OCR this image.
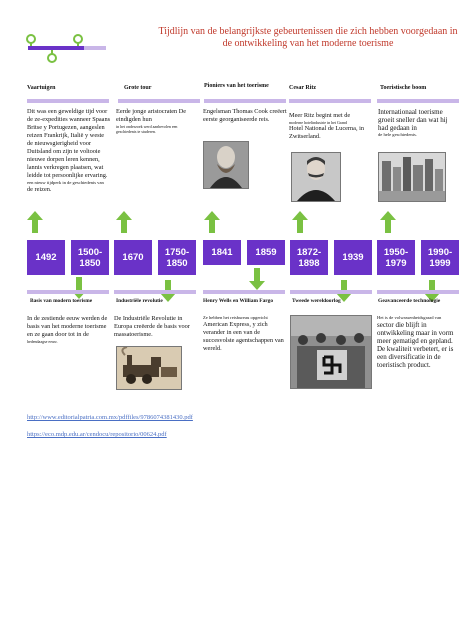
Tijdlijn van de belangrijkste gebeurtenissen die zich hebben voorgedaan in de ontwikkeling van het moderne toerisme
Vaartuigen
Dit was een geweldige tijd voor de ze-expedities wanneer Spaans Britse y Portugezen, aangeslen reizen Frankrijk, Italië y weste de nieuwsgierigheid voor Duitsland om zijn te voltooie nieuwe dorpen leren kennen, lannis verkregen plaatsen, wat leidde tot persoonlijke ervaring.
een nieuw tijdperk in de geschiedenis van
de reizen.
Grote tour
Eerde jonge aristocraten De eindigden hun
in het onderzoek werd aanbevolen een geschiedenis te studeren.
Pioniers van het toerisme
Engelsman Thomas Cook creëert eerste georganiseerde reis.
Cesar Ritz
Meer Ritz begint met de
moderne hotelindustrie in het Grand
Hotel National de Lucerna, in Zwitserland.
Toeristische boom
Internationaal toerisme groeit sneller dan wat hij had gedaan in
de hele geschiedenis.
1492	1500-1850	1670	1750-1850
1841	1859	1872-1898	1939	1950-1979
1990-1999
Basis van modern toerisme
In de zestiende eeuw werden de basis van het moderne toerisme en ze gaan door tot in de
hedendaagse eeuw.
Industriële revolutie
De Industriële Revolutie in Europa creëerde de basis voor massatoerisme.
Henry Wells en William Fargo
Ze hebben het reisbureau opgericht
American Express, y zich verander in een van de succesvolste agentschappen van wereld.
Tweede wereldoorlog	Geavanceerde technologie
Het is de volwassenheidsgraad van
sector die blijft in ontwikkeling maar in vorm meer gematigd en gepland. De kwaliteit verbetert, er is een diversificatie in de toeristisch product.
http://www.editorialpatria.com.mx/pdffiles/9786074381430.pdf
https://eco.mdp.edu.ar/cendocu/repositorio/00624.pdf
